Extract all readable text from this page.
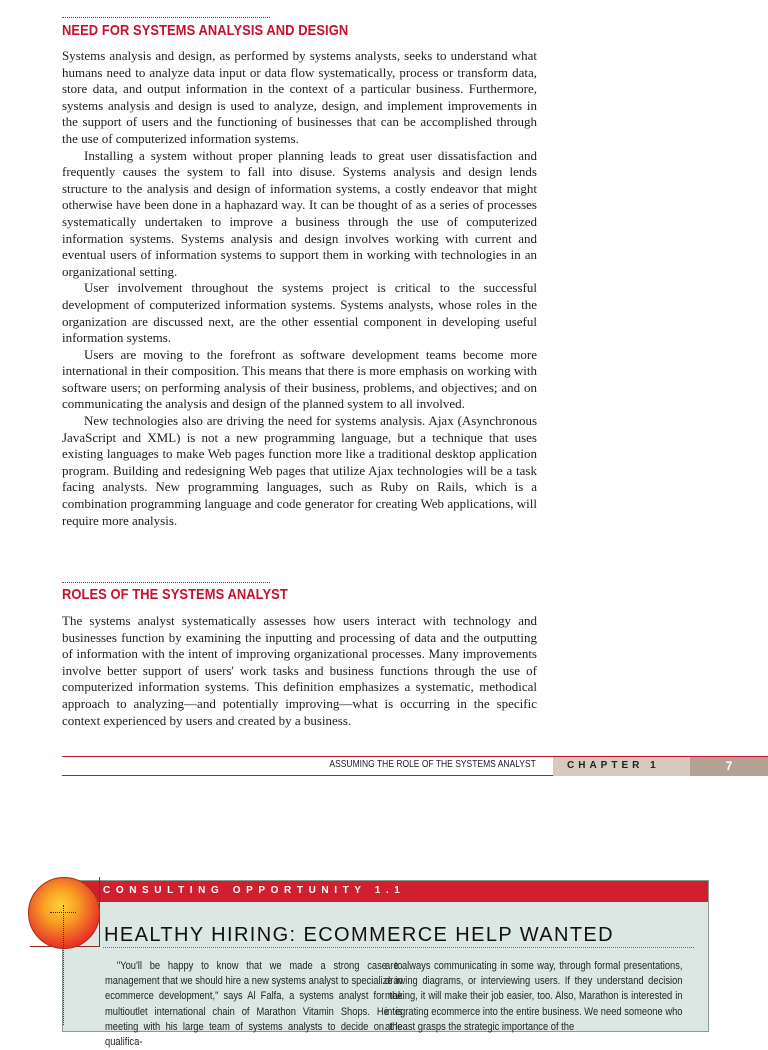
NEED FOR SYSTEMS ANALYSIS AND DESIGN

Systems analysis and design, as performed by systems analysts, seeks to understand what humans need to analyze data input or data flow systematically, process or transform data, store data, and output information in the context of a particular business. Furthermore, systems analysis and design is used to analyze, design, and implement improvements in the support of users and the functioning of businesses that can be accomplished through the use of computerized information systems.

Installing a system without proper planning leads to great user dissatisfaction and frequently causes the system to fall into disuse. Systems analysis and design lends structure to the analysis and design of information systems, a costly endeavor that might otherwise have been done in a haphazard way. It can be thought of as a series of processes systematically undertaken to improve a business through the use of computerized information systems. Systems analysis and design involves working with current and eventual users of information systems to support them in working with technologies in an organizational setting.

User involvement throughout the systems project is critical to the successful development of computerized information systems. Systems analysts, whose roles in the organization are discussed next, are the other essential component in developing useful information systems.

Users are moving to the forefront as software development teams become more international in their composition. This means that there is more emphasis on working with software users; on performing analysis of their business, problems, and objectives; and on communicating the analysis and design of the planned system to all involved.

New technologies also are driving the need for systems analysis. Ajax (Asynchronous JavaScript and XML) is not a new programming language, but a technique that uses existing languages to make Web pages function more like a traditional desktop application program. Building and redesigning Web pages that utilize Ajax technologies will be a task facing analysts. New programming languages, such as Ruby on Rails, which is a combination programming language and code generator for creating Web applications, will require more analysis.

ROLES OF THE SYSTEMS ANALYST

The systems analyst systematically assesses how users interact with technology and businesses function by examining the inputting and processing of data and the outputting of information with the intent of improving organizational processes. Many improvements involve better support of users' work tasks and business functions through the use of computerized information systems. This definition emphasizes a systematic, methodical approach to analyzing—and potentially improving—what is occurring in the specific context experienced by users and created by a business.

ASSUMING THE ROLE OF THE SYSTEMS ANALYST	CHAPTER 1	7
CONSULTING OPPORTUNITY 1.1
HEALTHY HIRING: ECOMMERCE HELP WANTED
"You'll be happy to know that we made a strong case to management that we should hire a new systems analyst to specialize in ecommerce development," says Al Falfa, a systems analyst for the multioutlet international chain of Marathon Vitamin Shops. He is meeting with his large team of systems analysts to decide on the qualifica-
are always communicating in some way, through formal presentations, drawing diagrams, or interviewing users. If they understand decision making, it will make their job easier, too. Also, Marathon is interested in integrating ecommerce into the entire business. We need someone who at least grasps the strategic importance of the
